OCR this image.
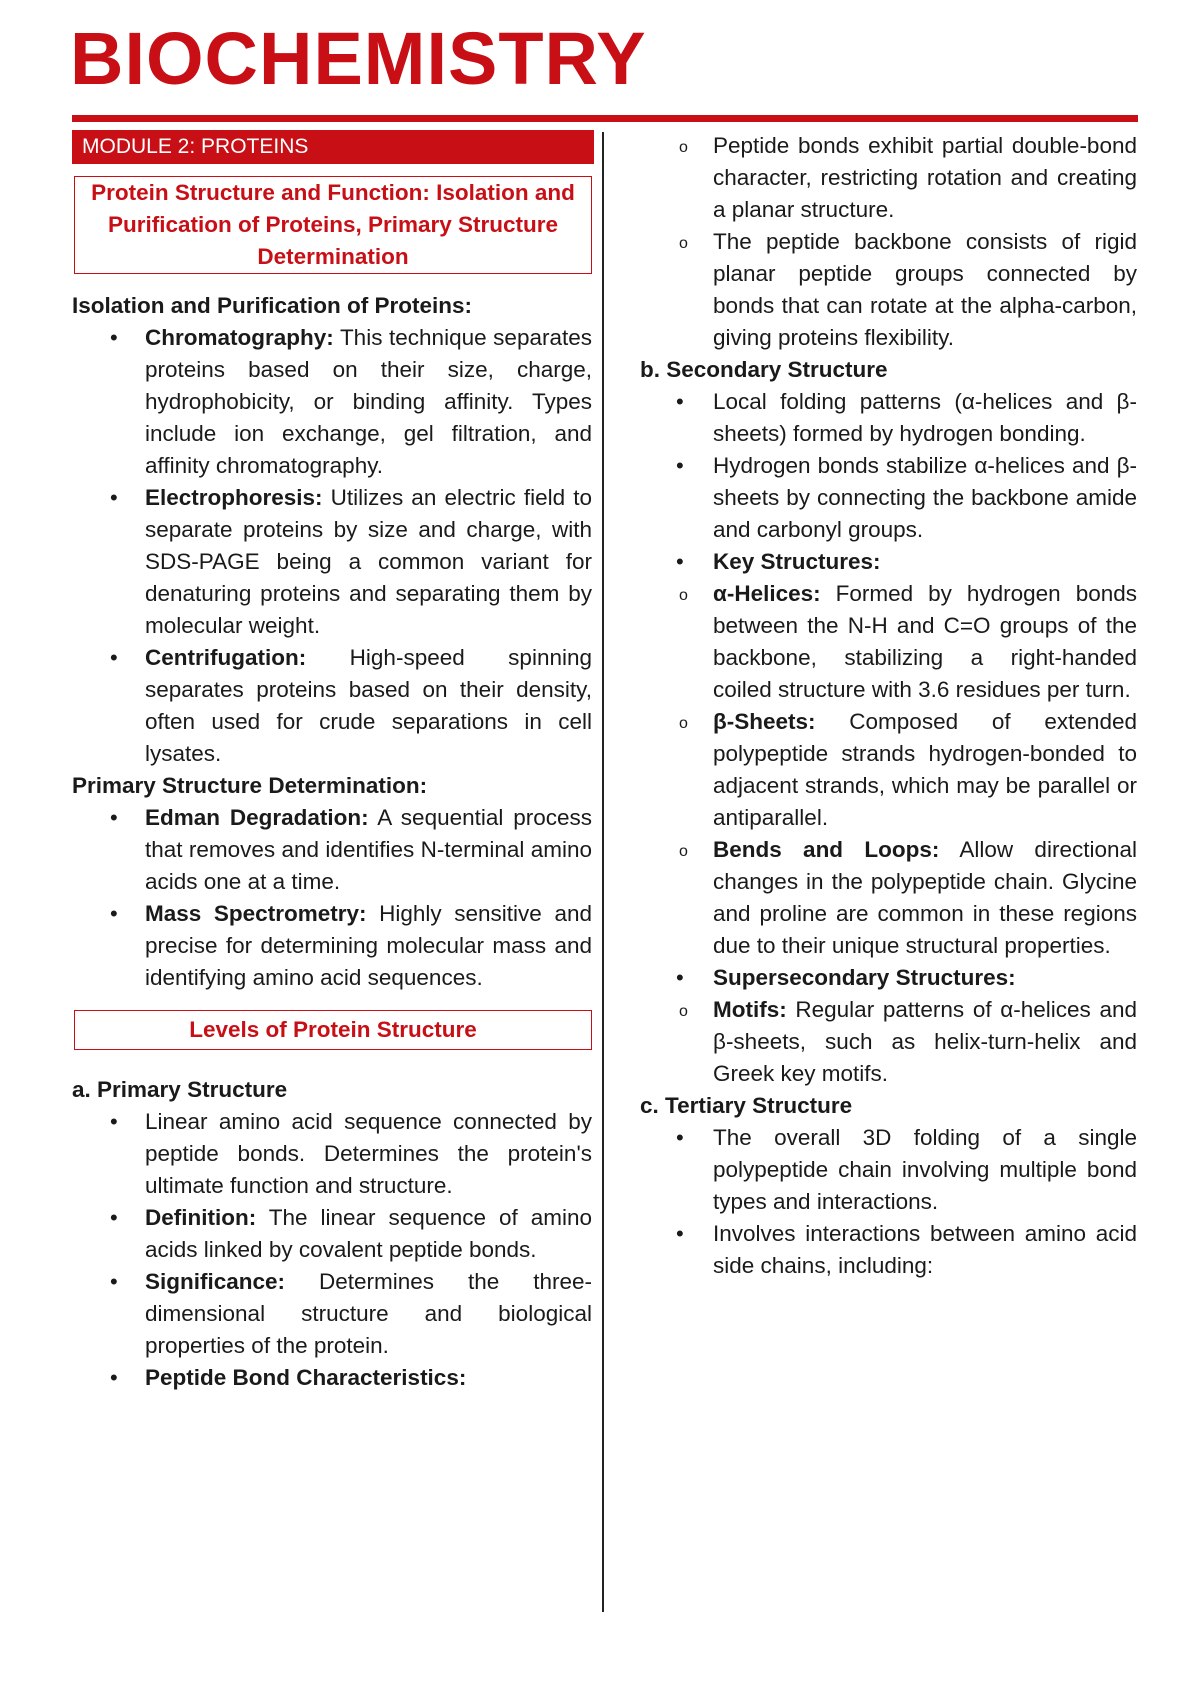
BIOCHEMISTRY
MODULE 2: PROTEINS
Protein Structure and Function: Isolation and Purification of Proteins, Primary Structure Determination

Isolation and Purification of Proteins:

• Chromatography: This technique separates proteins based on their size, charge, hydrophobicity, or binding affinity. Types include ion exchange, gel filtration, and affinity chromatography.
• Electrophoresis: Utilizes an electric field to separate proteins by size and charge, with SDS-PAGE being a common variant for denaturing proteins and separating them by molecular weight.
• Centrifugation: High-speed spinning separates proteins based on their density, often used for crude separations in cell lysates.

Primary Structure Determination:

• Edman Degradation: A sequential process that removes and identifies N-terminal amino acids one at a time.
• Mass Spectrometry: Highly sensitive and precise for determining molecular mass and identifying amino acid sequences.
Levels of Protein Structure

a. Primary Structure

• Linear amino acid sequence connected by peptide bonds. Determines the protein's ultimate function and structure.
• Definition: The linear sequence of amino acids linked by covalent peptide bonds.
• Significance: Determines the three-dimensional structure and biological properties of the protein.
• Peptide Bond Characteristics:
o Peptide bonds exhibit partial double-bond character, restricting rotation and creating a planar structure.
o The peptide backbone consists of rigid planar peptide groups connected by bonds that can rotate at the alpha-carbon, giving proteins flexibility.

b. Secondary Structure

• Local folding patterns (α-helices and β-sheets) formed by hydrogen bonding.
• Hydrogen bonds stabilize α-helices and β-sheets by connecting the backbone amide and carbonyl groups.
• Key Structures:
o α-Helices: Formed by hydrogen bonds between the N-H and C=O groups of the backbone, stabilizing a right-handed coiled structure with 3.6 residues per turn.
o β-Sheets: Composed of extended polypeptide strands hydrogen-bonded to adjacent strands, which may be parallel or antiparallel.
o Bends and Loops: Allow directional changes in the polypeptide chain. Glycine and proline are common in these regions due to their unique structural properties.
• Supersecondary Structures:
o Motifs: Regular patterns of α-helices and β-sheets, such as helix-turn-helix and Greek key motifs.

c. Tertiary Structure

• The overall 3D folding of a single polypeptide chain involving multiple bond types and interactions.
• Involves interactions between amino acid side chains, including:
